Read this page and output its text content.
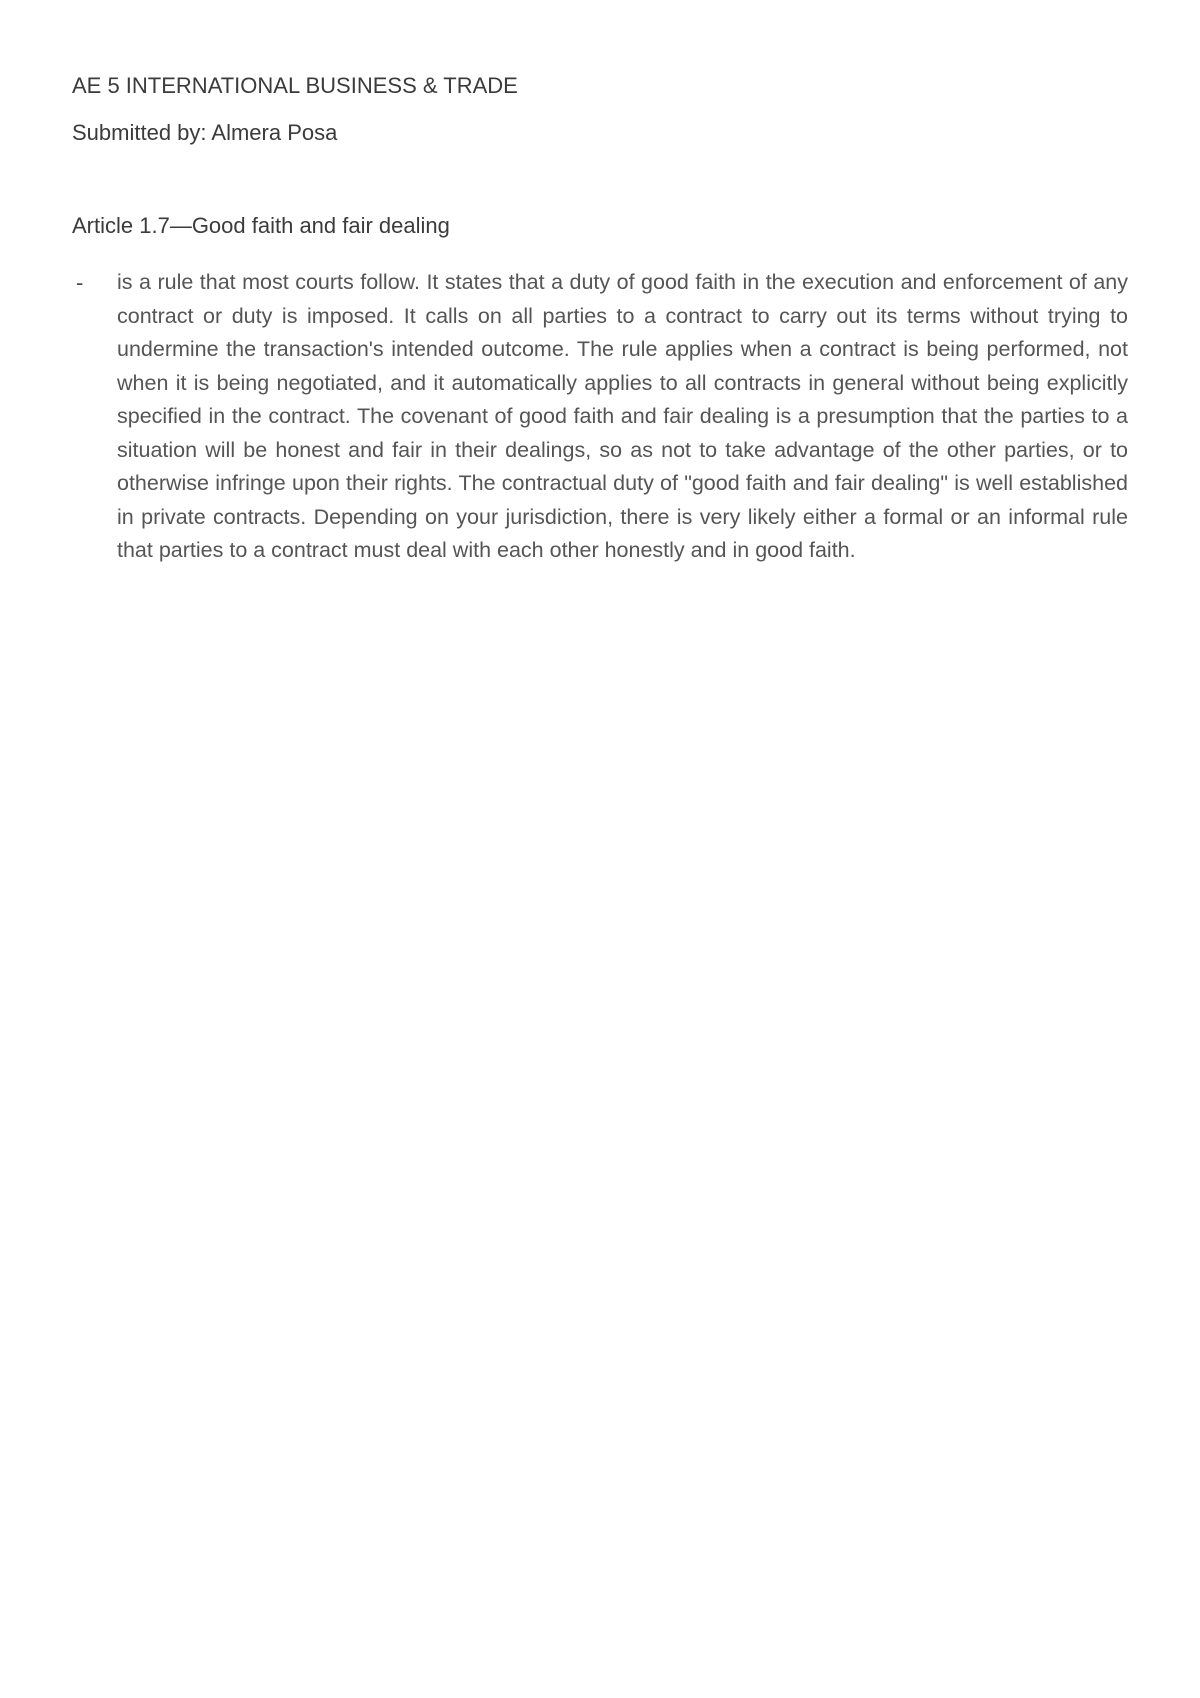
AE 5 INTERNATIONAL BUSINESS & TRADE
Submitted by: Almera Posa
Article 1.7—Good faith and fair dealing
- is a rule that most courts follow. It states that a duty of good faith in the execution and enforcement of any contract or duty is imposed. It calls on all parties to a contract to carry out its terms without trying to undermine the transaction's intended outcome. The rule applies when a contract is being performed, not when it is being negotiated, and it automatically applies to all contracts in general without being explicitly specified in the contract. The covenant of good faith and fair dealing is a presumption that the parties to a situation will be honest and fair in their dealings, so as not to take advantage of the other parties, or to otherwise infringe upon their rights. The contractual duty of "good faith and fair dealing" is well established in private contracts. Depending on your jurisdiction, there is very likely either a formal or an informal rule that parties to a contract must deal with each other honestly and in good faith.
